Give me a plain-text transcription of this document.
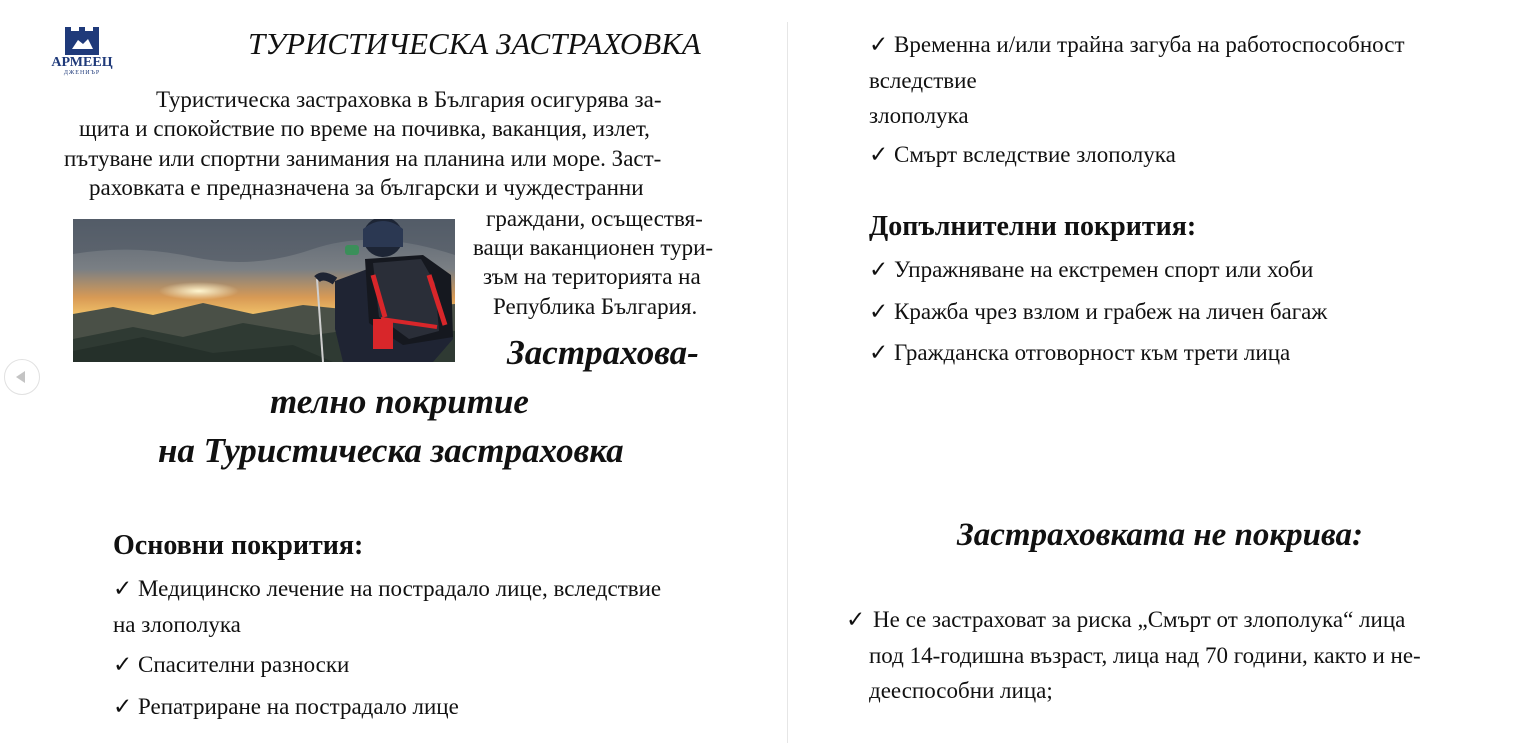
АРМЕЕЦ
ДЖЕНИЪР
ТУРИСТИЧЕСКА ЗАСТРАХОВКА
Туристическа застраховка в България осигурява за-
щита и спокойствие по време на почивка, ваканция, излет,
пътуване или спортни занимания на планина или море. Заст-
раховката е предназначена за български и чуждестранни
граждани, осъществя-
ващи ваканционен тури-
зъм на територията на
Република България.
Застрахова-
телно покритие
на Туристическа застраховка
Основни покрития:
✓ Медицинско лечение на пострадало лице, вследствие
на злополука
✓ Спасителни разноски
✓ Репатриране на пострадало лице
✓ Временна и/или трайна загуба на работоспособност
вследствие
злополука
✓ Смърт вследствие злополука
Допълнителни покрития:
✓ Упражняване на екстремен спорт или хоби
✓ Кражба чрез взлом и грабеж на личен багаж
✓ Гражданска отговорност към трети лица
Застраховката не покрива:
✓ Не се застраховат за риска „Смърт от злополука“ лица
под 14-годишна възраст, лица над 70 години, както и не-
дееспособни лица;
